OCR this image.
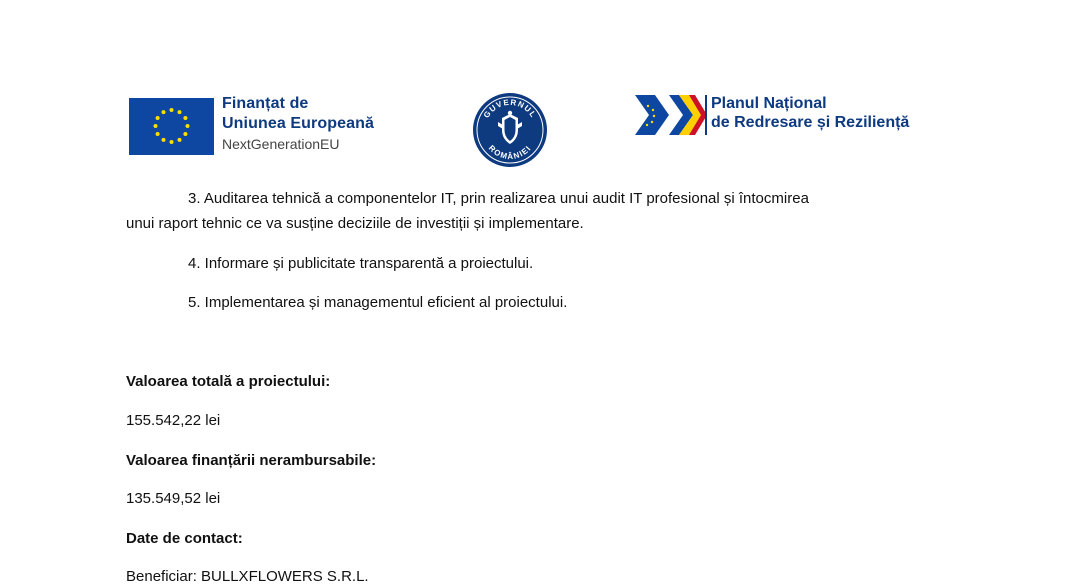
Finanțat de
Uniunea Europeană
NextGenerationEU
GUVERNUL
ROMÂNIEI
Planul Național
de Redresare și Reziliență
3. Auditarea tehnică a componentelor IT, prin realizarea unui audit IT profesional și întocmirea
unui raport tehnic ce va susține deciziile de investiții și implementare.
4. Informare și publicitate transparentă a proiectului.
5. Implementarea și managementul eficient al proiectului.
Valoarea totală a proiectului:
155.542,22 lei
Valoarea finanțării nerambursabile:
135.549,52 lei
Date de contact:
Beneficiar: BULLXFLOWERS S.R.L.
